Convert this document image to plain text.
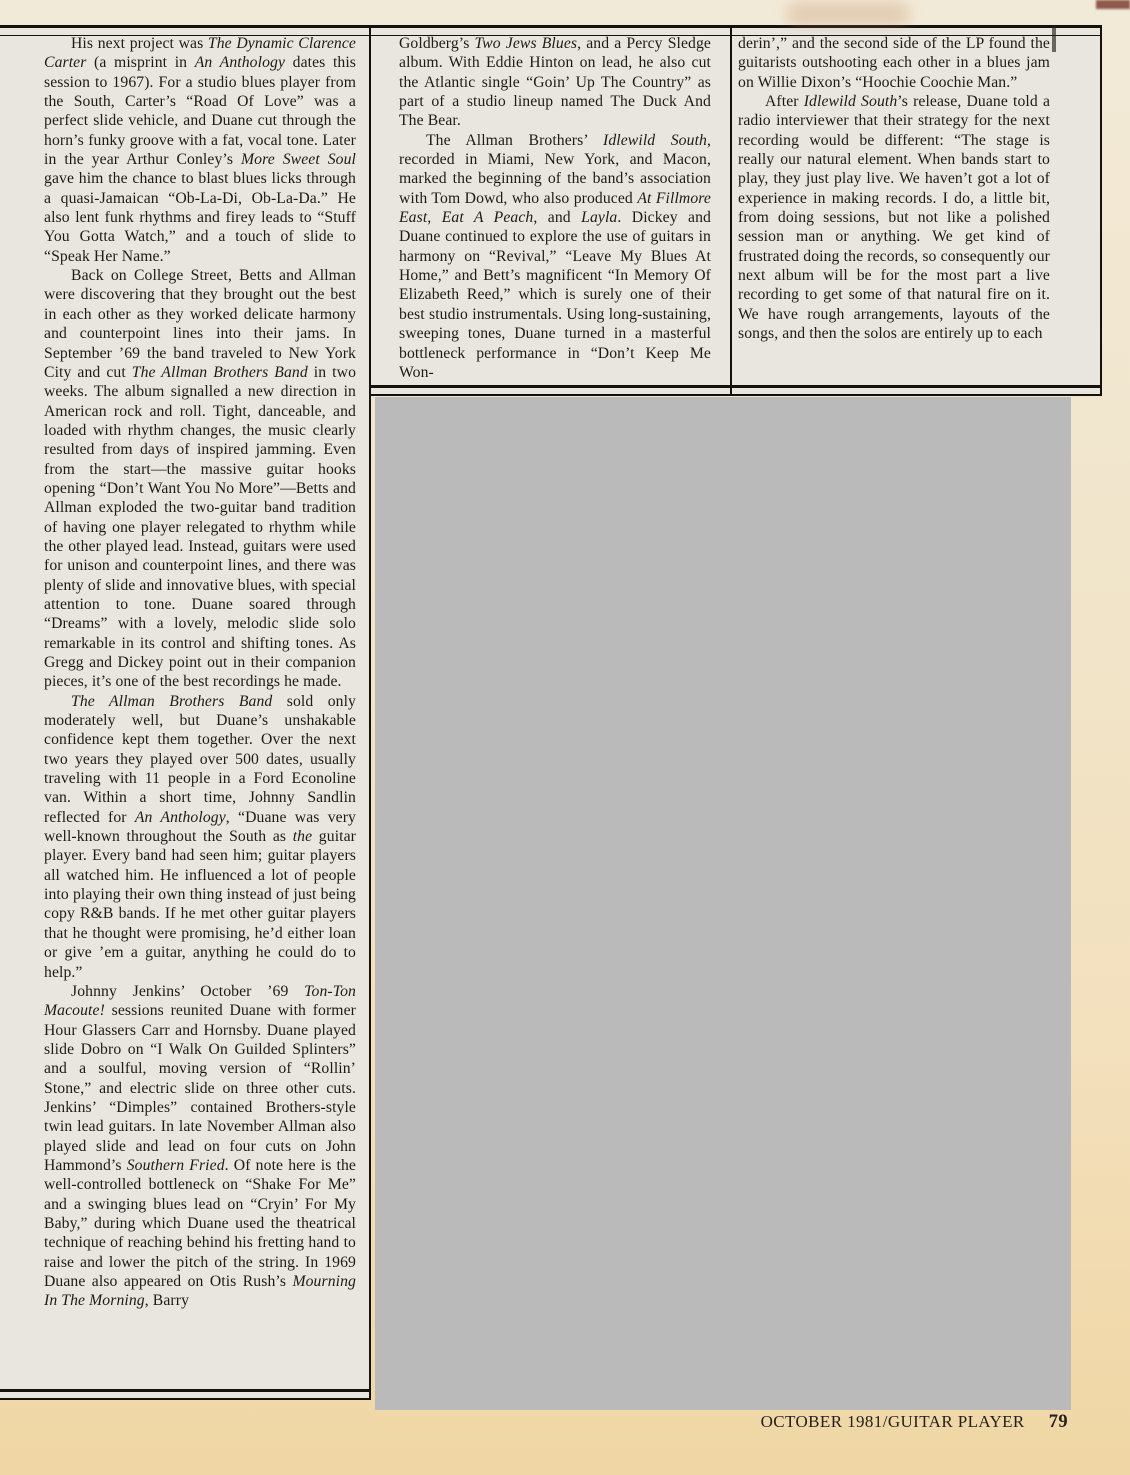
His next project was The Dynamic Clarence Carter (a misprint in An Anthology dates this session to 1967). For a studio blues player from the South, Carter’s “Road Of Love” was a perfect slide vehicle, and Duane cut through the horn’s funky groove with a fat, vocal tone. Later in the year Arthur Conley’s More Sweet Soul gave him the chance to blast blues licks through a quasi-Jamaican “Ob-La-Di, Ob-La-Da.” He also lent funk rhythms and firey leads to “Stuff You Gotta Watch,” and a touch of slide to “Speak Her Name.”

Back on College Street, Betts and Allman were discovering that they brought out the best in each other as they worked delicate harmony and counterpoint lines into their jams. In September ’69 the band traveled to New York City and cut The Allman Brothers Band in two weeks. The album signalled a new direction in American rock and roll. Tight, danceable, and loaded with rhythm changes, the music clearly resulted from days of inspired jamming. Even from the start—the massive guitar hooks opening “Don’t Want You No More”—Betts and Allman exploded the two-guitar band tradition of having one player relegated to rhythm while the other played lead. Instead, guitars were used for unison and counterpoint lines, and there was plenty of slide and innovative blues, with special attention to tone. Duane soared through “Dreams” with a lovely, melodic slide solo remarkable in its control and shifting tones. As Gregg and Dickey point out in their companion pieces, it’s one of the best recordings he made.

The Allman Brothers Band sold only moderately well, but Duane’s unshakable confidence kept them together. Over the next two years they played over 500 dates, usually traveling with 11 people in a Ford Econoline van. Within a short time, Johnny Sandlin reflected for An Anthology, “Duane was very well-known throughout the South as the guitar player. Every band had seen him; guitar players all watched him. He influenced a lot of people into playing their own thing instead of just being copy R&B bands. If he met other guitar players that he thought were promising, he’d either loan or give ’em a guitar, anything he could do to help.”

Johnny Jenkins’ October ’69 Ton-Ton Macoute! sessions reunited Duane with former Hour Glassers Carr and Hornsby. Duane played slide Dobro on “I Walk On Guilded Splinters” and a soulful, moving version of “Rollin’ Stone,” and electric slide on three other cuts. Jenkins’ “Dimples” contained Brothers-style twin lead guitars. In late November Allman also played slide and lead on four cuts on John Hammond’s Southern Fried. Of note here is the well-controlled bottleneck on “Shake For Me” and a swinging blues lead on “Cryin’ For My Baby,” during which Duane used the theatrical technique of reaching behind his fretting hand to raise and lower the pitch of the string. In 1969 Duane also appeared on Otis Rush’s Mourning In The Morning, Barry

Goldberg’s Two Jews Blues, and a Percy Sledge album. With Eddie Hinton on lead, he also cut the Atlantic single “Goin’ Up The Country” as part of a studio lineup named The Duck And The Bear.

The Allman Brothers’ Idlewild South, recorded in Miami, New York, and Macon, marked the beginning of the band’s association with Tom Dowd, who also produced At Fillmore East, Eat A Peach, and Layla. Dickey and Duane continued to explore the use of guitars in harmony on “Revival,” “Leave My Blues At Home,” and Bett’s magnificent “In Memory Of Elizabeth Reed,” which is surely one of their best studio instrumentals. Using long-sustaining, sweeping tones, Duane turned in a masterful bottleneck performance in “Don’t Keep Me Won-

derin’,” and the second side of the LP found the guitarists outshooting each other in a blues jam on Willie Dixon’s “Hoochie Coochie Man.”

After Idlewild South’s release, Duane told a radio interviewer that their strategy for the next recording would be different: “The stage is really our natural element. When bands start to play, they just play live. We haven’t got a lot of experience in making records. I do, a little bit, from doing sessions, but not like a polished session man or anything. We get kind of frustrated doing the records, so consequently our next album will be for the most part a live recording to get some of that natural fire on it. We have rough arrangements, layouts of the songs, and then the solos are entirely up to each

OCTOBER 1981/GUITAR PLAYER 79
